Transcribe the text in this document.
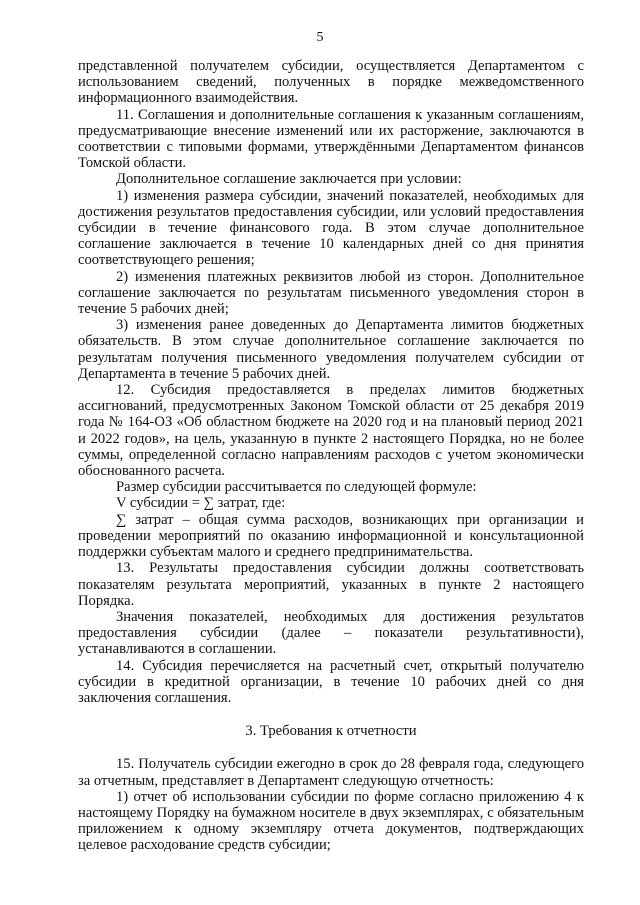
5

представленной получателем субсидии, осуществляется Департаментом с использованием сведений, полученных в порядке межведомственного информационного взаимодействия.

11. Соглашения и дополнительные соглашения к указанным соглашениям, предусматривающие внесение изменений или их расторжение, заключаются в соответствии с типовыми формами, утверждёнными Департаментом финансов Томской области.

Дополнительное соглашение заключается при условии:

1) изменения размера субсидии, значений показателей, необходимых для достижения результатов предоставления субсидии, или условий предоставления субсидии в течение финансового года. В этом случае дополнительное соглашение заключается в течение 10 календарных дней со дня принятия соответствующего решения;

2) изменения платежных реквизитов любой из сторон. Дополнительное соглашение заключается по результатам письменного уведомления сторон в течение 5 рабочих дней;

3) изменения ранее доведенных до Департамента лимитов бюджетных обязательств. В этом случае дополнительное соглашение заключается по результатам получения письменного уведомления получателем субсидии от Департамента в течение 5 рабочих дней.

12. Субсидия предоставляется в пределах лимитов бюджетных ассигнований, предусмотренных Законом Томской области от 25 декабря 2019 года № 164-ОЗ «Об областном бюджете на 2020 год и на плановый период 2021 и 2022 годов», на цель, указанную в пункте 2 настоящего Порядка, но не более суммы, определенной согласно направлениям расходов с учетом экономически обоснованного расчета.

Размер субсидии рассчитывается по следующей формуле:

V субсидии = ∑ затрат, где:

∑ затрат – общая сумма расходов, возникающих при организации и проведении мероприятий по оказанию информационной и консультационной поддержки субъектам малого и среднего предпринимательства.

13. Результаты предоставления субсидии должны соответствовать показателям результата мероприятий, указанных в пункте 2 настоящего Порядка.

Значения показателей, необходимых для достижения результатов предоставления субсидии (далее – показатели результативности), устанавливаются в соглашении.

14. Субсидия перечисляется на расчетный счет, открытый получателю субсидии в кредитной организации, в течение 10 рабочих дней со дня заключения соглашения.

3. Требования к отчетности

15. Получатель субсидии ежегодно в срок до 28 февраля года, следующего за отчетным, представляет в Департамент следующую отчетность:

1) отчет об использовании субсидии по форме согласно приложению 4 к настоящему Порядку на бумажном носителе в двух экземплярах, с обязательным приложением к одному экземпляру отчета документов, подтверждающих целевое расходование средств субсидии;
